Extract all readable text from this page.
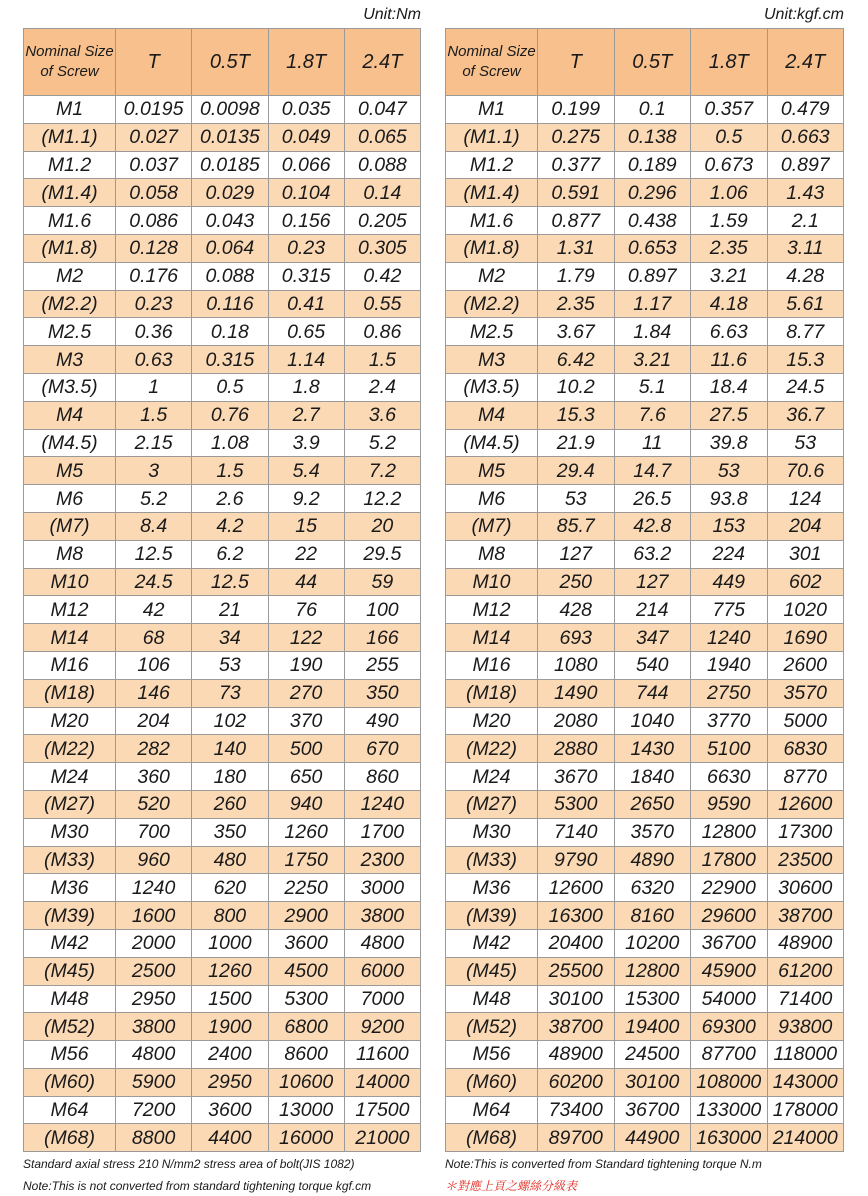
Unit:Nm
Nominal Size of Screw	T	0.5T	1.8T	2.4T
M1	0.0195	0.0098	0.035	0.047
(M1.1)	0.027	0.0135	0.049	0.065
M1.2	0.037	0.0185	0.066	0.088
(M1.4)	0.058	0.029	0.104	0.14
M1.6	0.086	0.043	0.156	0.205
(M1.8)	0.128	0.064	0.23	0.305
M2	0.176	0.088	0.315	0.42
(M2.2)	0.23	0.116	0.41	0.55
M2.5	0.36	0.18	0.65	0.86
M3	0.63	0.315	1.14	1.5
(M3.5)	1	0.5	1.8	2.4
M4	1.5	0.76	2.7	3.6
(M4.5)	2.15	1.08	3.9	5.2
M5	3	1.5	5.4	7.2
M6	5.2	2.6	9.2	12.2
(M7)	8.4	4.2	15	20
M8	12.5	6.2	22	29.5
M10	24.5	12.5	44	59
M12	42	21	76	100
M14	68	34	122	166
M16	106	53	190	255
(M18)	146	73	270	350
M20	204	102	370	490
(M22)	282	140	500	670
M24	360	180	650	860
(M27)	520	260	940	1240
M30	700	350	1260	1700
(M33)	960	480	1750	2300
M36	1240	620	2250	3000
(M39)	1600	800	2900	3800
M42	2000	1000	3600	4800
(M45)	2500	1260	4500	6000
M48	2950	1500	5300	7000
(M52)	3800	1900	6800	9200
M56	4800	2400	8600	11600
(M60)	5900	2950	10600	14000
M64	7200	3600	13000	17500
(M68)	8800	4400	16000	21000
Standard axial stress 210 N/mm2 stress area of bolt(JIS 1082)
Note:This is not converted from standard tightening torque kgf.cm
Unit:kgf.cm
Nominal Size of Screw	T	0.5T	1.8T	2.4T
M1	0.199	0.1	0.357	0.479
(M1.1)	0.275	0.138	0.5	0.663
M1.2	0.377	0.189	0.673	0.897
(M1.4)	0.591	0.296	1.06	1.43
M1.6	0.877	0.438	1.59	2.1
(M1.8)	1.31	0.653	2.35	3.11
M2	1.79	0.897	3.21	4.28
(M2.2)	2.35	1.17	4.18	5.61
M2.5	3.67	1.84	6.63	8.77
M3	6.42	3.21	11.6	15.3
(M3.5)	10.2	5.1	18.4	24.5
M4	15.3	7.6	27.5	36.7
(M4.5)	21.9	11	39.8	53
M5	29.4	14.7	53	70.6
M6	53	26.5	93.8	124
(M7)	85.7	42.8	153	204
M8	127	63.2	224	301
M10	250	127	449	602
M12	428	214	775	1020
M14	693	347	1240	1690
M16	1080	540	1940	2600
(M18)	1490	744	2750	3570
M20	2080	1040	3770	5000
(M22)	2880	1430	5100	6830
M24	3670	1840	6630	8770
(M27)	5300	2650	9590	12600
M30	7140	3570	12800	17300
(M33)	9790	4890	17800	23500
M36	12600	6320	22900	30600
(M39)	16300	8160	29600	38700
M42	20400	10200	36700	48900
(M45)	25500	12800	45900	61200
M48	30100	15300	54000	71400
(M52)	38700	19400	69300	93800
M56	48900	24500	87700	118000
(M60)	60200	30100	108000	143000
M64	73400	36700	133000	178000
(M68)	89700	44900	163000	214000
Note:This is converted from Standard tightening torque N.m
＊對應上頁之螺絲分級表
